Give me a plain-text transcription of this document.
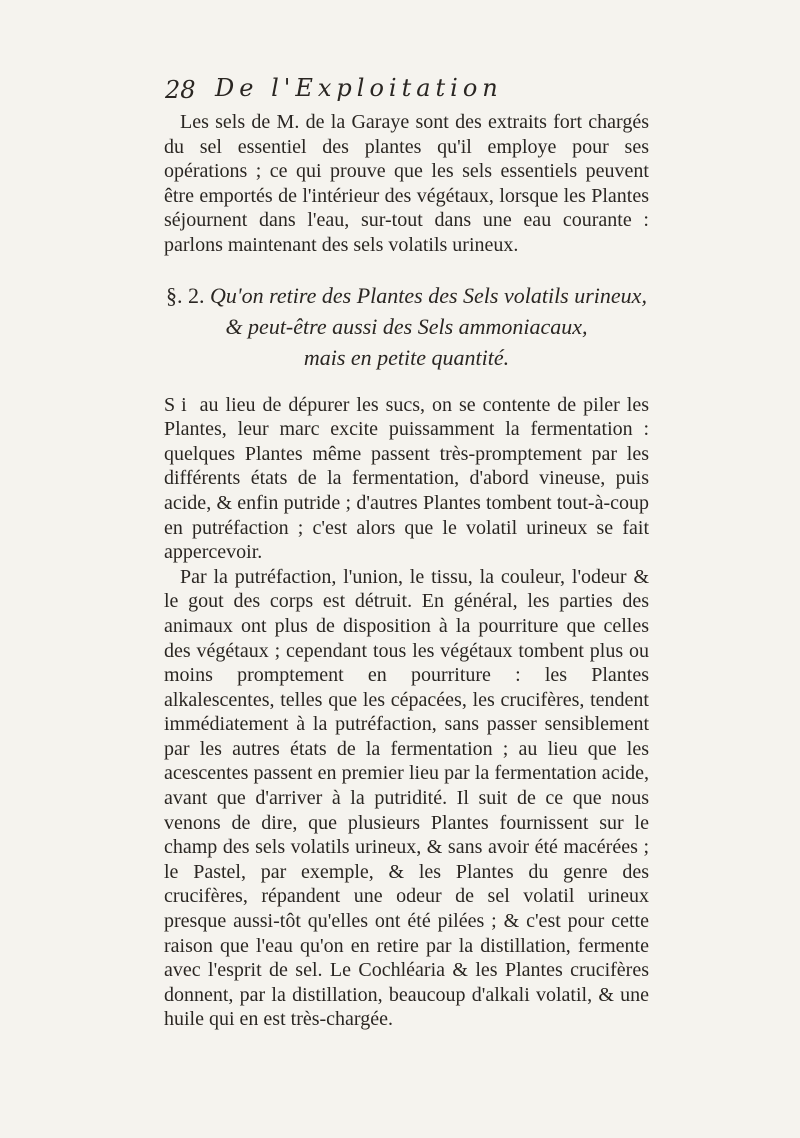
28 De l'Exploitation

Les sels de M. de la Garaye sont des extraits fort chargés du sel essentiel des plantes qu'il employe pour ses opérations ; ce qui prouve que les sels essentiels peuvent être emportés de l'intérieur des végétaux, lorsque les Plantes séjournent dans l'eau, sur-tout dans une eau courante : parlons maintenant des sels volatils urineux.

§. 2. Qu'on retire des Plantes des Sels volatils urineux,
& peut-être aussi des Sels ammoniacaux,
mais en petite quantité.

Si au lieu de dépurer les sucs, on se contente de piler les Plantes, leur marc excite puissamment la fermentation : quelques Plantes même passent très-promptement par les différents états de la fermentation, d'abord vineuse, puis acide, & enfin putride ; d'autres Plantes tombent tout-à-coup en putréfaction ; c'est alors que le volatil urineux se fait appercevoir.

Par la putréfaction, l'union, le tissu, la couleur, l'odeur & le gout des corps est détruit. En général, les parties des animaux ont plus de disposition à la pourriture que celles des végétaux ; cependant tous les végétaux tombent plus ou moins promptement en pourriture : les Plantes alkalescentes, telles que les cépacées, les crucifères, tendent immédiatement à la putréfaction, sans passer sensiblement par les autres états de la fermentation ; au lieu que les acescentes passent en premier lieu par la fermentation acide, avant que d'arriver à la putridité. Il suit de ce que nous venons de dire, que plusieurs Plantes fournissent sur le champ des sels volatils urineux, & sans avoir été macérées ; le Pastel, par exemple, & les Plantes du genre des crucifères, répandent une odeur de sel volatil urineux presque aussi-tôt qu'elles ont été pilées ; & c'est pour cette raison que l'eau qu'on en retire par la distillation, fermente avec l'esprit de sel. Le Cochléaria & les Plantes crucifères donnent, par la distillation, beaucoup d'alkali volatil, & une huile qui en est très-chargée.
